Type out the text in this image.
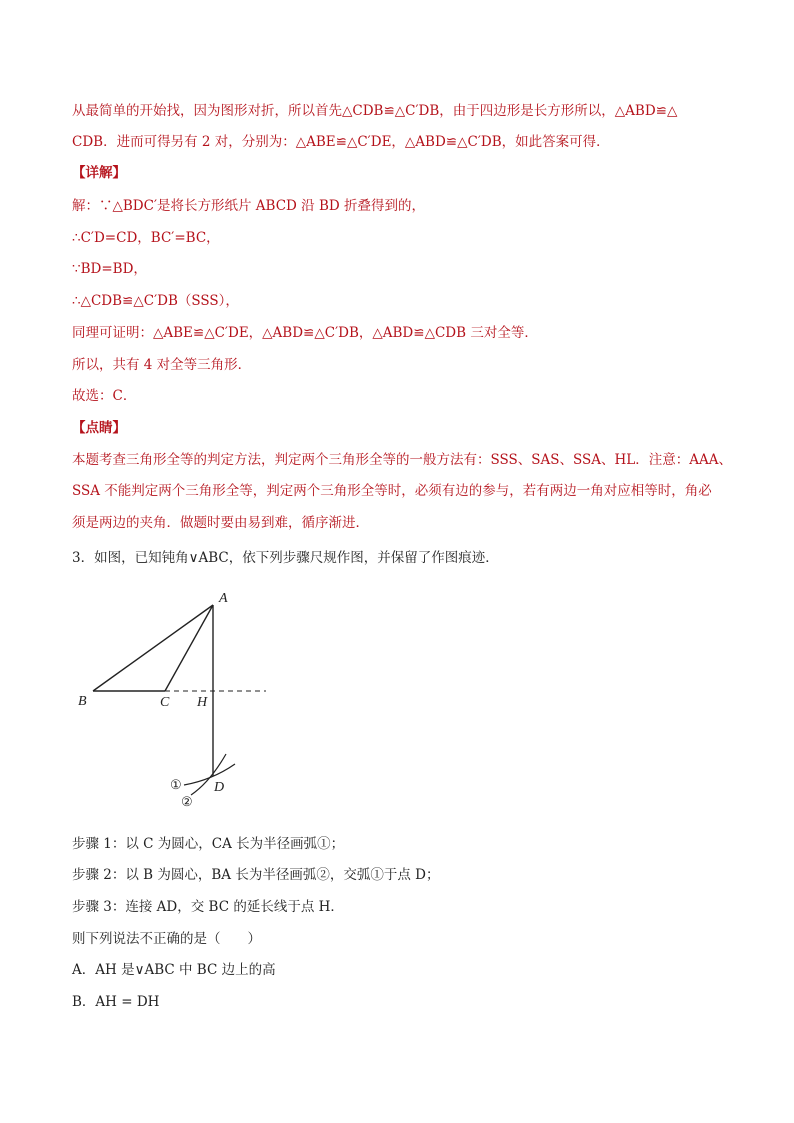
从最简单的开始找，因为图形对折，所以首先△CDB≌△C′DB，由于四边形是长方形所以，△ABD≌△
CDB．进而可得另有 2 对，分别为：△ABE≌△C′DE，△ABD≌△C′DB，如此答案可得．
【详解】
解：∵△BDC′是将长方形纸片 ABCD 沿 BD 折叠得到的，
∴C′D=CD，BC′=BC，
∵BD=BD，
∴△CDB≌△C′DB（SSS），
同理可证明：△ABE≌△C′DE，△ABD≌△C′DB，△ABD≌△CDB 三对全等．
所以，共有 4 对全等三角形．
故选：C．
【点睛】
本题考查三角形全等的判定方法，判定两个三角形全等的一般方法有：SSS、SAS、SSA、HL．注意：AAA、
SSA 不能判定两个三角形全等，判定两个三角形全等时，必须有边的参与，若有两边一角对应相等时，角必
须是两边的夹角．做题时要由易到难，循序渐进．
3．如图，已知钝角∨ABC，依下列步骤尺规作图，并保留了作图痕迹．
A
B	C H
D
①
②
步骤 1：以 C 为圆心，CA 长为半径画弧①；
步骤 2：以 B 为圆心，BA 长为半径画弧②，交弧①于点 D；
步骤 3：连接 AD，交 BC 的延长线于点 H．
则下列说法不正确的是（　　）
A．AH 是∨ABC 中 BC 边上的高
B．AH = DH
